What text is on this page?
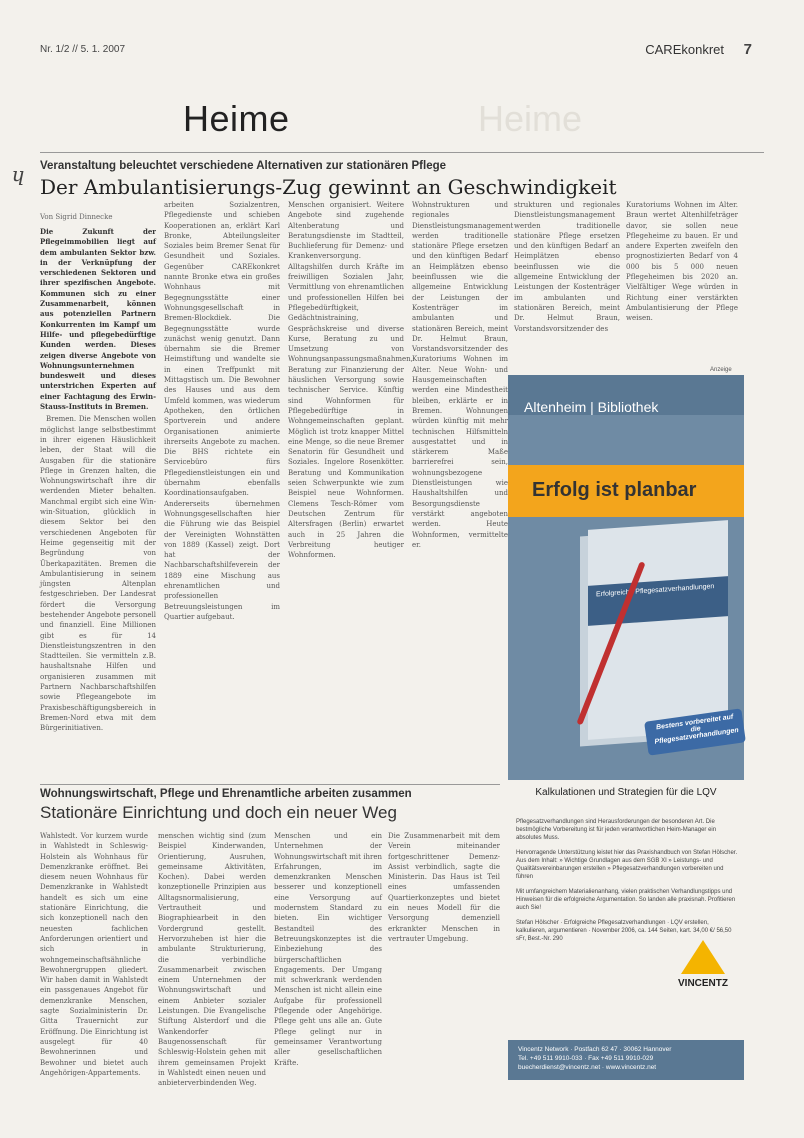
Nr. 1/2 // 5. 1. 2007	CAREkonkret 7
Heime
Heime
ɥ Veranstaltung beleuchtet verschiedene Alternativen zur stationären Pflege
Der Ambulantisierungs-Zug gewinnt an Geschwindigkeit
Von Sigrid Dinnecke

Die Zukunft der Pflegeimmobilien liegt auf dem ambulanten Sektor bzw. in der Verknüpfung der verschiedenen Sektoren und ihrer spezifischen Angebote. Kommunen sich zu einer Zusammenarbeit, können aus potenziellen Partnern Konkurrenten im Kampf um Hilfe- und pflegebedürftige Kunden werden. Dieses zeigen diverse Angebote von Wohnungsunternehmen bundesweit und dieses unterstrichen Experten auf einer Fachtagung des Erwin-Stauss-Instituts in Bremen.

Bremen. Die Menschen wollen möglichst lange selbstbestimmt in ihrer eigenen Häuslichkeit leben, der Staat will die Ausgaben für die stationäre Pflege in Grenzen halten, die Wohnungswirtschaft ihre dir werdenden Mieter behalten. Manchmal ergibt sich eine Win-win-Situation, glücklich in diesem Sektor bei den verschiedenen Angeboten für Heime gegenseitig mit der Begründung von Überkapazitäten. Bremen die Ambulantisierung in seinem jüngsten Altenplan festgeschrieben. Der Landesrat fördert die Versorgung bestehender Angebote personell und finanziell. Eine Millionen gibt es für 14 Dienstleistungszentren in den Stadtteilen. Sie vermitteln z.B. haushaltsnahe Hilfen und organisieren zusammen mit Partnern Nachbarschaftshilfen sowie Pflegeangebote im Praxisbeschäftigungsbereich in Bremen-Nord etwa mit dem Bürgerinitiativen.

arbeiten Sozialzentren, Pflegedienste und schieben Kooperationen an, erklärt Karl Bronke, Abteilungsleiter Soziales beim Bremer Senat für Gesundheit und Soziales. Gegenüber CAREkonkret nannte Bronke etwa ein großes Wohnhaus mit Begegnungsstätte einer Wohnungsgesellschaft in Bremen-Blockdiek. Die Begegnungsstätte wurde zunächst wenig genutzt. Dann übernahm sie die Bremer Heimstiftung und wandelte sie in einen Treffpunkt mit Mittagstisch um. Die Bewohner des Hauses und aus dem Umfeld kommen, was wiederum Apotheken, den örtlichen Sportverein und andere Organisationen animierte ihrerseits Angebote zu machen. Die BHS richtete ein Servicebüro fürs Pflegedienstleistungen ein und übernahm ebenfalls Koordinationsaufgaben. Andererseits übernehmen Wohnungsgesellschaften hier die Führung wie das Beispiel der Vereinigten Wohnstätten von 1889 (Kassel) zeigt. Dort hat der Nachbarschaftshilfeverein der 1889 eine Mischung aus ehrenamtlichen und professionellen Betreuungsleistungen im Quartier aufgebaut.

Menschen organisiert. Weitere Angebote sind zugehende Altenberatung und Beratungsdienste im Stadtteil, Buchlieferung für Demenz- und Krankenversorgung. Alltagshilfen durch Kräfte im freiwilligen Sozialen Jahr, Vermittlung von ehrenamtlichen und professionellen Hilfen bei Pflegebedürftigkeit, Gedächtnistraining, Gesprächskreise und diverse Kurse, Beratung zu und Umsetzung von Wohnungsanpassungsmaßnahmen, Beratung zur Finanzierung der häuslichen Versorgung sowie technischer Service. Künftig sind Wohnformen für Pflegebedürftige in Wohngemeinschaften geplant. Möglich ist trotz knapper Mittel eine Menge, so die neue Bremer Senatorin für Gesundheit und Soziales. Ingelore Rosenkötter. Beratung und Kommunikation seien Schwerpunkte wie zum Beispiel neue Wohnformen. Clemens Tesch-Römer vom Deutschen Zentrum für Altersfragen (Berlin) erwartet auch in 25 Jahren die Verbreitung heutiger Wohnformen.

Wohnstrukturen und regionales Dienstleistungsmanagement werden traditionelle stationäre Pflege ersetzen und den künftigen Bedarf an Heimplätzen ebenso beeinflussen wie die allgemeine Entwicklung der Leistungen der Kostenträger im ambulanten und stationären Bereich, meint Dr. Helmut Braun, Vorstandsvorsitzender des Kuratoriums Wohnen im Alter. Neue Wohn- und Hausgemeinschaften werden eine Mindestheit bleiben, erklärte er in Bremen. Wohnungen würden künftig mit mehr technischen Hilfsmitteln ausgestattet und in stärkerem Maße barrierefrei sein, wohnungsbezogene Dienstleistungen wie Haushaltshilfen und Besorgungsdienste verstärkt angeboten werden. Heute Wohnformen, vermittelte er.

strukturen und regionales Dienstleistungsmanagement werden traditionelle stationäre Pflege ersetzen und den künftigen Bedarf an Heimplätzen ebenso beeinflussen wie die allgemeine Entwicklung der Leistungen der Kostenträger im ambulanten und stationären Bereich, meint Dr. Helmut Braun, Vorstandsvorsitzender des

Kuratoriums Wohnen im Alter. Braun wertet Altenhilfeträger davor, sie sollen neue Pflegeheime zu bauen. Er und andere Experten zweifeln den prognostizierten Bedarf von 4 000 bis 5 000 neuen Pflegeheimen bis 2020 an. Vielfältiger Wege würden in Richtung einer verstärkten Ambulantisierung der Pflege weisen.

Anzeige
Altenheim | Bibliothek
Erfolg ist planbar
Erfolgreiche Pflegesatzverhandlungen
Bestens vorbereitet auf die Pflegesatzverhandlungen
Kalkulationen und Strategien für die LQV

Pflegesatzverhandlungen sind Herausforderungen der besonderen Art. Die bestmögliche Vorbereitung ist für jeden verantwortlichen Heim-Manager ein absolutes Muss.

Hervorragende Unterstützung leistet hier das Praxishandbuch von Stefan Hölscher. Aus dem Inhalt: » Wichtige Grundlagen aus dem SGB XI » Leistungs- und Qualitätsvereinbarungen erstellen » Pflegesatzverhandlungen vorbereiten und führen

Mit umfangreichem Materialienanhang, vielen praktischen Verhandlungstipps und Hinweisen für die erfolgreiche Argumentation. So landen alle praxisnah. Profitieren auch Sie!

Stefan Hölscher · Erfolgreiche Pflegesatzverhandlungen · LQV erstellen, kalkulieren, argumentieren · November 2006, ca. 144 Seiten, kart. 34,00 €/ 56,50 sFr, Best.-Nr. 290

VINCENTZ
Vincentz Network · Postfach 62 47 · 30062 Hannover
Tel. +49 511 9910-033 · Fax +49 511 9910-029
buecherdienst@vincentz.net · www.vincentz.net
Wohnungswirtschaft, Pflege und Ehrenamtliche arbeiten zusammen
Stationäre Einrichtung und doch ein neuer Weg

Wahlstedt. Vor kurzem wurde in Wahlstedt in Schleswig-Holstein als Wohnhaus für Demenzkranke eröffnet. Bei diesem neuen Wohnhaus für Demenzkranke in Wahlstedt handelt es sich um eine stationäre Einrichtung, die sich konzeptionell nach den neuesten fachlichen Anforderungen orientiert und sich in wohngemeinschaftsähnliche Bewohnergruppen gliedert. Wir haben damit in Wahlstedt ein passgenaues Angebot für demenzkranke Menschen, sagte Sozialministerin Dr. Gitta Trauernicht zur Eröffnung. Die Einrichtung ist ausgelegt für 40 Bewohnerinnen und Bewohner und bietet auch Angehörigen-Appartements.

menschen wichtig sind (zum Beispiel Kinderwanden, Orientierung, Ausruhen, gemeinsame Aktivitäten, Kochen). Dabei werden konzeptionelle Prinzipien aus Alltagsnormalisierung, Vertrautheit und Biographiearbeit in den Vordergrund gestellt. Hervorzuheben ist hier die ambulante Strukturierung, die verbindliche Zusammenarbeit zwischen einem Unternehmen der Wohnungswirtschaft und einem Anbieter sozialer Leistungen. Die Evangelische Stiftung Alsterdorf und die Wankendorfer Baugenossenschaft für Schleswig-Holstein gehen mit ihrem gemeinsamen Projekt in Wahlstedt einen neuen und anbieterverbindenden Weg.

Menschen und ein Unternehmen der Wohnungswirtschaft mit ihren Erfahrungen, im demenzkranken Menschen besserer und konzeptionell eine Versorgung auf modernstem Standard zu bieten. Ein wichtiger Bestandteil des Betreuungskonzeptes ist die Einbeziehung des bürgerschaftlichen Engagements. Der Umgang mit schwerkrank werdenden Menschen ist nicht allein eine Aufgabe für professionell Pflegende oder Angehörige. Pflege geht uns alle an. Gute Pflege gelingt nur in gemeinsamer Verantwortung aller gesellschaftlichen Kräfte.

Die Zusammenarbeit mit dem Verein miteinander fortgeschrittener Demenz-Assist verbindlich, sagte die Ministerin. Das Haus ist Teil eines umfassenden Quartierkonzeptes und bietet ein neues Modell für die Versorgung demenziell erkrankter Menschen in vertrauter Umgebung.
